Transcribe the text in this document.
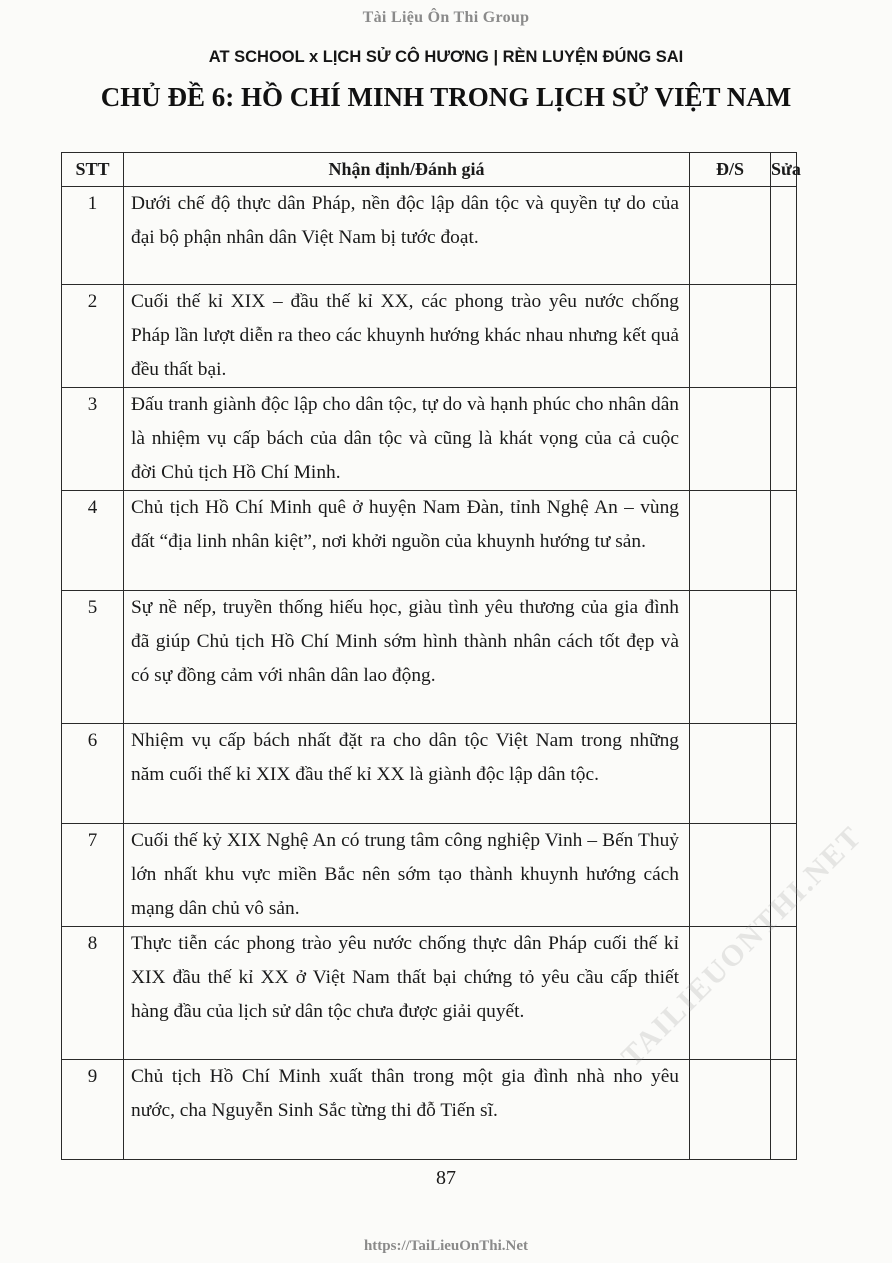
Tài Liệu Ôn Thi Group
AT SCHOOL x LỊCH SỬ CÔ HƯƠNG | RÈN LUYỆN ĐÚNG SAI
CHỦ ĐỀ 6: HỒ CHÍ MINH TRONG LỊCH SỬ VIỆT NAM
STT	Nhận định/Đánh giá	Đ/S	Sửa
1	Dưới chế độ thực dân Pháp, nền độc lập dân tộc và quyền tự do của đại bộ phận nhân dân Việt Nam bị tước đoạt.		
2	Cuối thế kỉ XIX – đầu thế kỉ XX, các phong trào yêu nước chống Pháp lần lượt diễn ra theo các khuynh hướng khác nhau nhưng kết quả đều thất bại.		
3	Đấu tranh giành độc lập cho dân tộc, tự do và hạnh phúc cho nhân dân là nhiệm vụ cấp bách của dân tộc và cũng là khát vọng của cả cuộc đời Chủ tịch Hồ Chí Minh.		
4	Chủ tịch Hồ Chí Minh quê ở huyện Nam Đàn, tỉnh Nghệ An – vùng đất “địa linh nhân kiệt”, nơi khởi nguồn của khuynh hướng tư sản.		
5	Sự nề nếp, truyền thống hiếu học, giàu tình yêu thương của gia đình đã giúp Chủ tịch Hồ Chí Minh sớm hình thành nhân cách tốt đẹp và có sự đồng cảm với nhân dân lao động.		
6	Nhiệm vụ cấp bách nhất đặt ra cho dân tộc Việt Nam trong những năm cuối thế kỉ XIX đầu thế kỉ XX là giành độc lập dân tộc.		
7	Cuối thế kỷ XIX Nghệ An có trung tâm công nghiệp Vinh – Bến Thuỷ lớn nhất khu vực miền Bắc nên sớm tạo thành khuynh hướng cách mạng dân chủ vô sản.		
8	Thực tiễn các phong trào yêu nước chống thực dân Pháp cuối thế kỉ XIX đầu thế kỉ XX ở Việt Nam thất bại chứng tỏ yêu cầu cấp thiết hàng đầu của lịch sử dân tộc chưa được giải quyết.		
9	Chủ tịch Hồ Chí Minh xuất thân trong một gia đình nhà nho yêu nước, cha Nguyễn Sinh Sắc từng thi đỗ Tiến sĩ.		
TAILIEUONTHI.NET
87
https://TaiLieuOnThi.Net
